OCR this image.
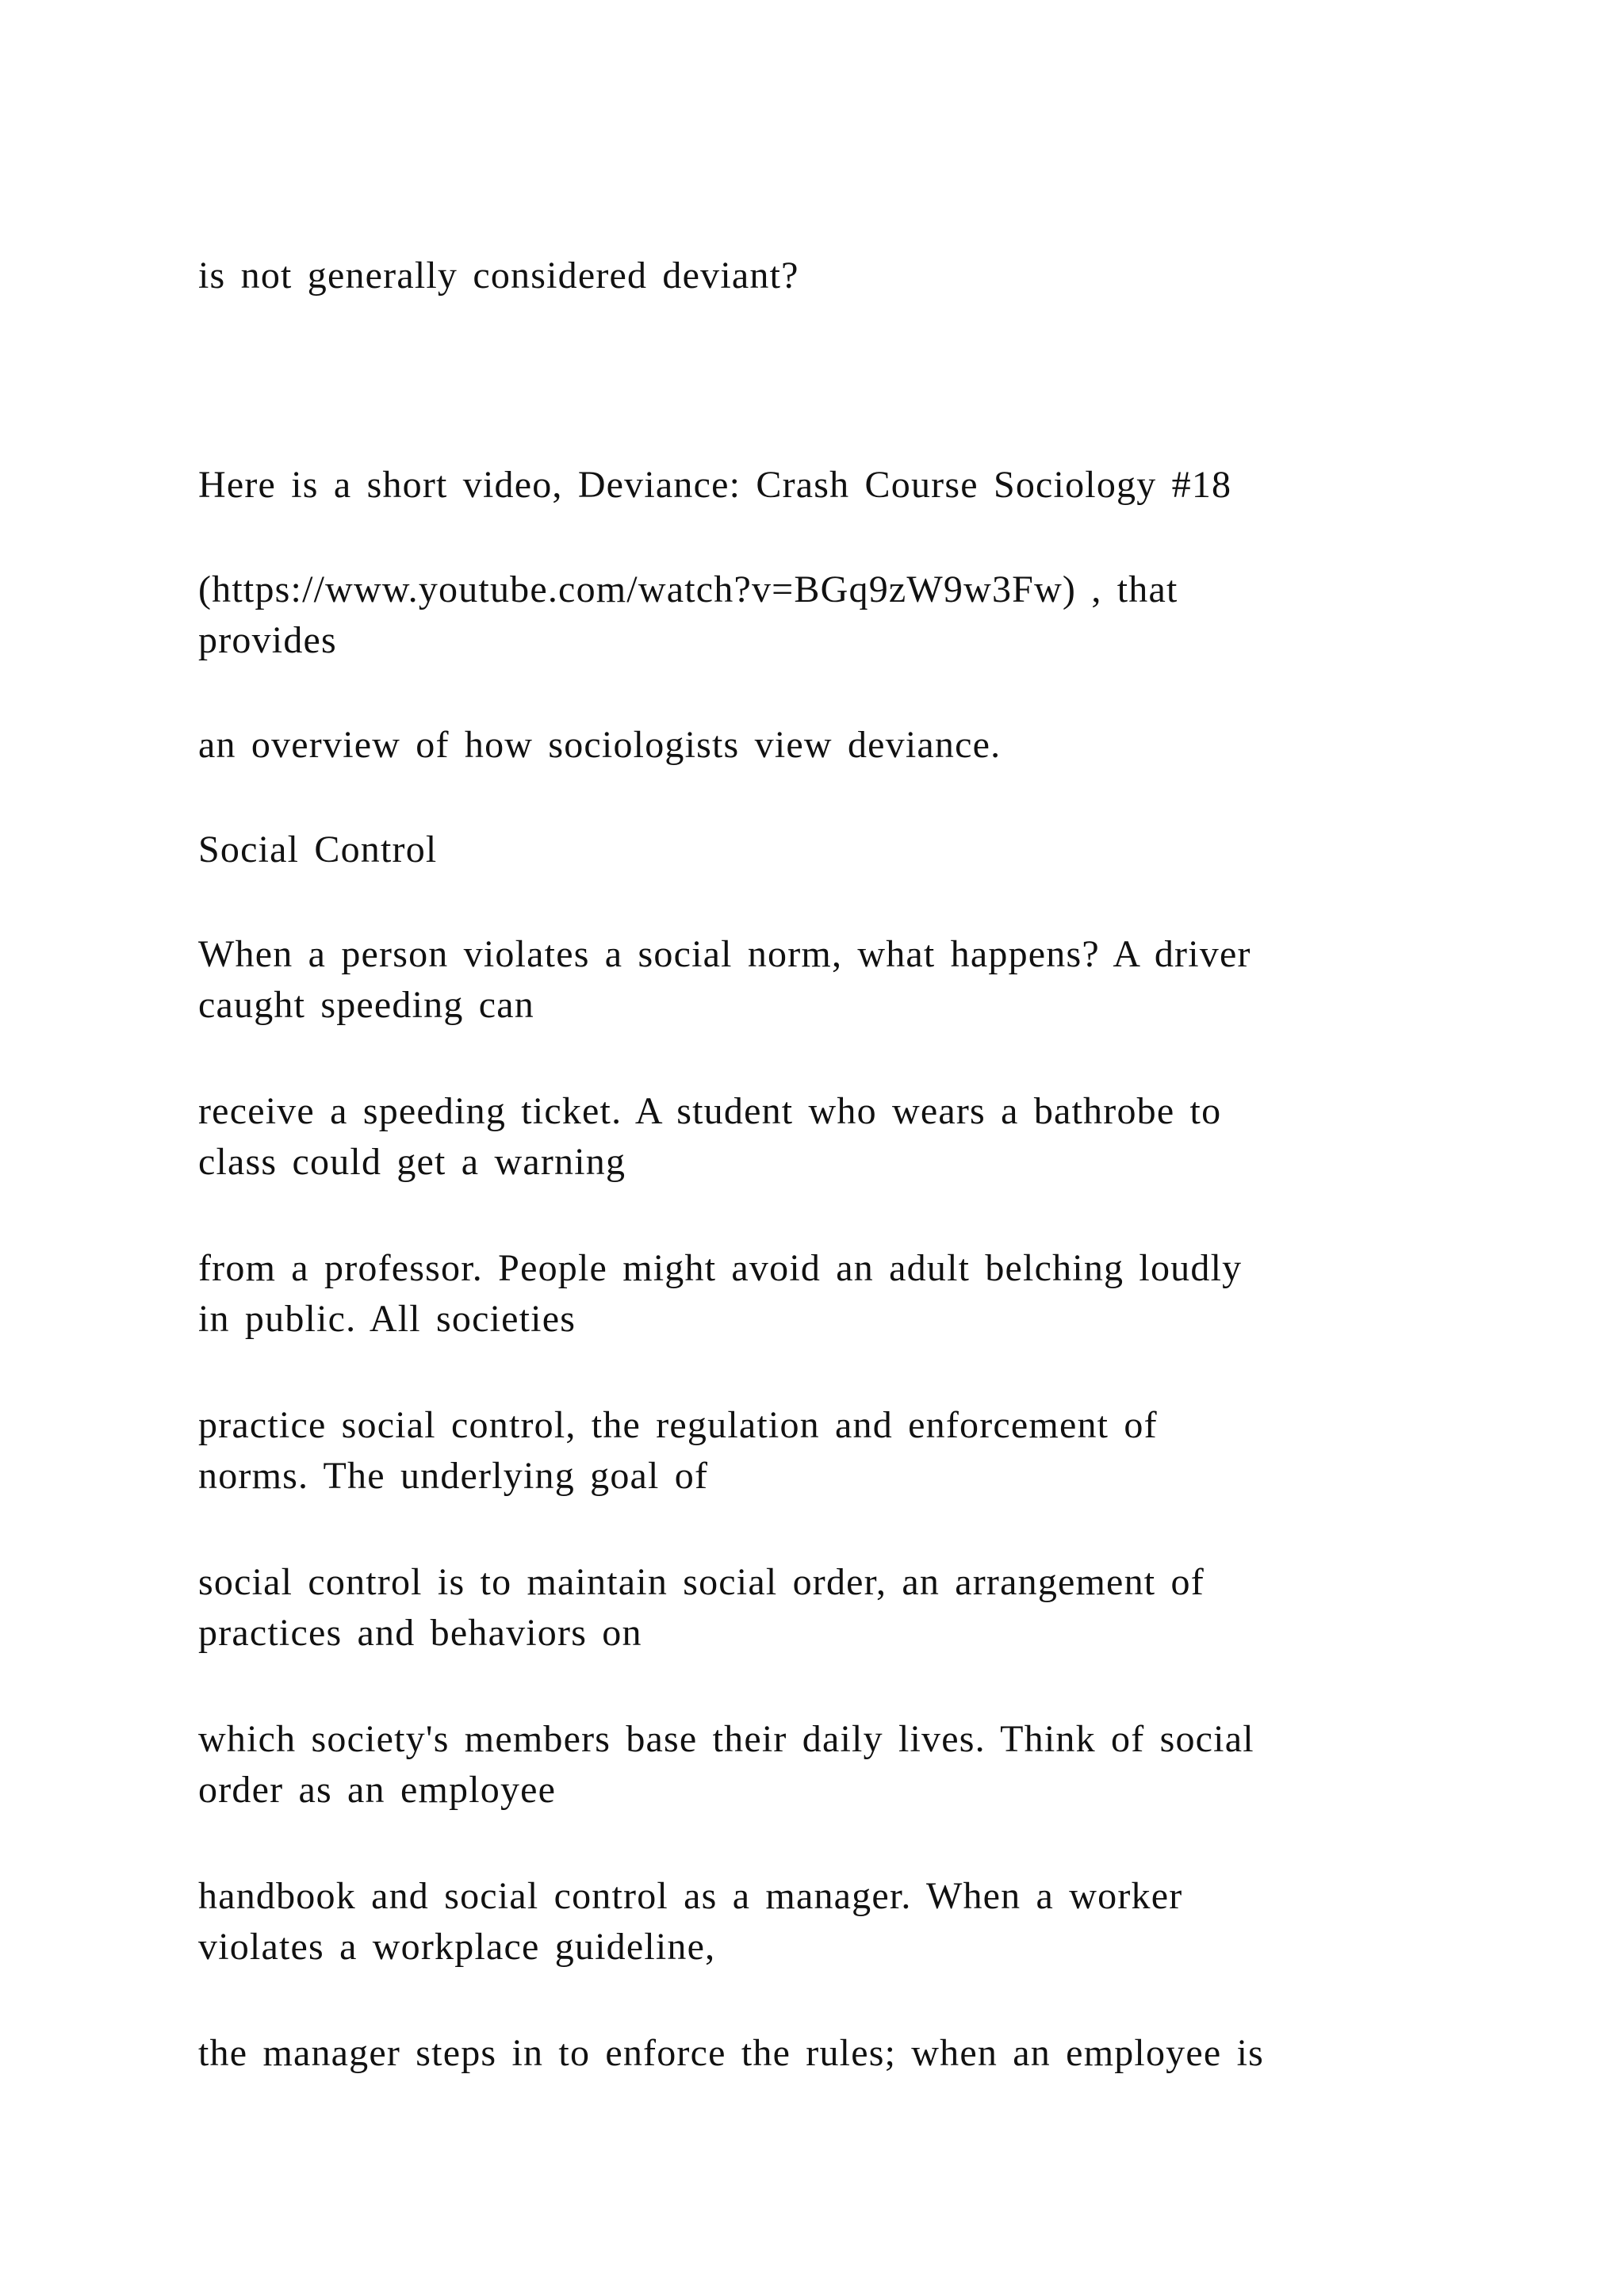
is not generally considered deviant?
Here is a short video, Deviance: Crash Course Sociology #18
(https://www.youtube.com/watch?v=BGq9zW9w3Fw) , that
provides
an overview of how sociologists view deviance.
Social Control
When a person violates a social norm, what happens? A driver
caught speeding can
receive a speeding ticket. A student who wears a bathrobe to
class could get a warning
from a professor. People might avoid an adult belching loudly
in public. All societies
practice social control, the regulation and enforcement of
norms. The underlying goal of
social control is to maintain social order, an arrangement of
practices and behaviors on
which society's members base their daily lives. Think of social
order as an employee
handbook and social control as a manager. When a worker
violates a workplace guideline,
the manager steps in to enforce the rules; when an employee is
